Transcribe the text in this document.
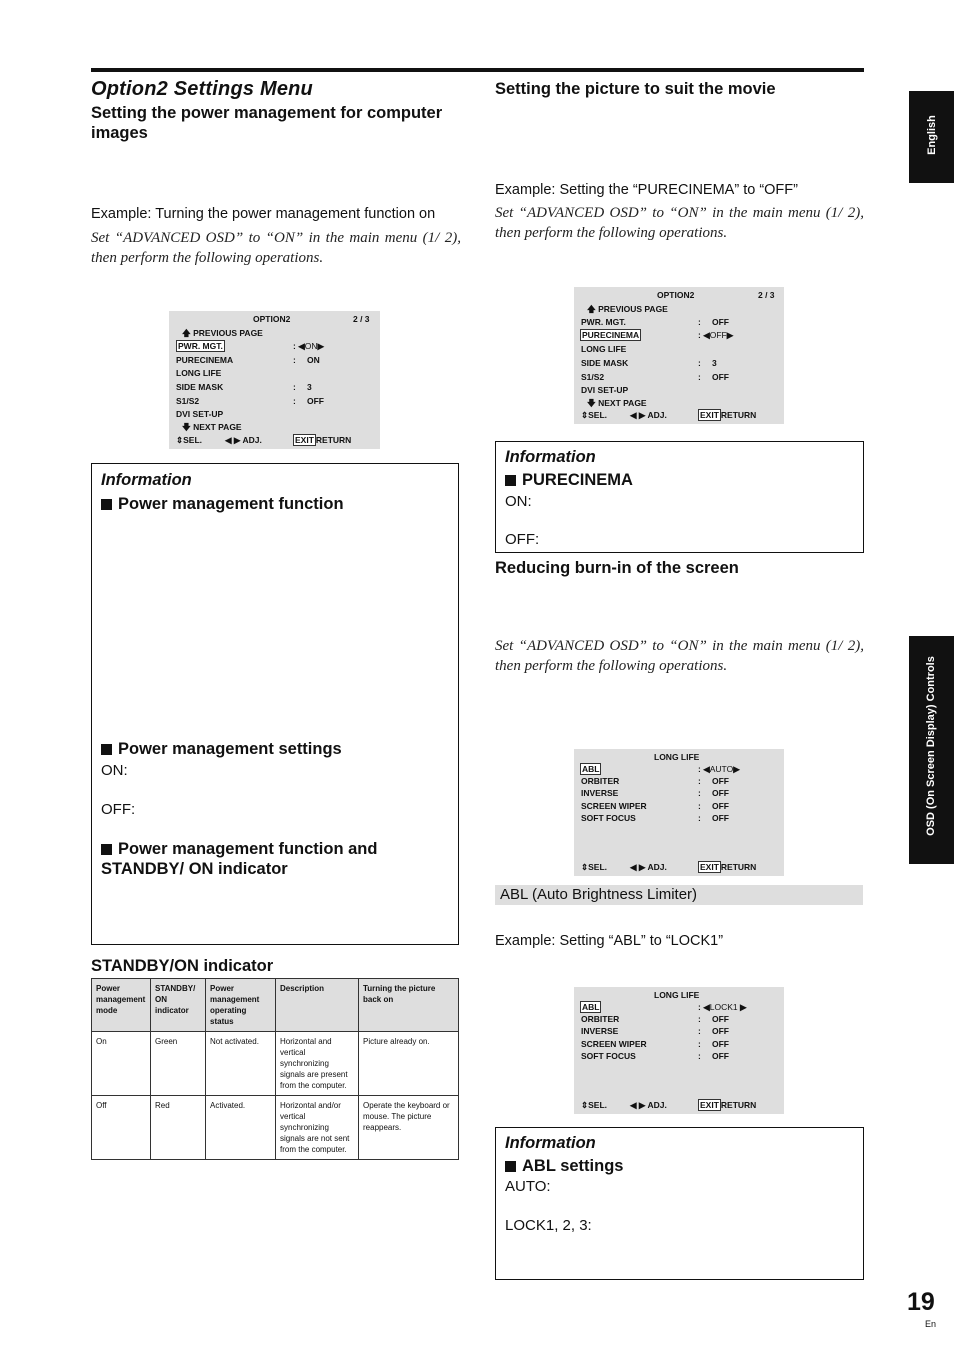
Option2 Settings Menu
English
OSD (On Screen Display) Controls
19
En
Setting the power management for computer images
Example: Turning the power management function on
Set “ADVANCED OSD” to “ON” in the main menu (1/ 2), then perform the following operations.
OPTION2	2 / 3
🡅 PREVIOUS PAGE
PWR. MGT.	: ◀ON▶
PURECINEMA	: ON
LONG LIFE
SIDE MASK	: 3
S1/S2	: OFF
DVI SET-UP
🡇 NEXT PAGE
⇕SEL.	◀ ▶ ADJ.	EXIT RETURN
Information
Power management function
Power management settings
ON:
OFF:
Power management function and STANDBY/ ON indicator
STANDBY/ON indicator
Power management mode	STANDBY/ ON indicator	Power management operating status	Description	Turning the picture back on
On	Green	Not activated.	Horizontal and vertical synchronizing signals are present from the computer.	Picture already on.
Off	Red	Activated.	Horizontal and/or vertical synchronizing signals are not sent from the computer.	Operate the keyboard or mouse. The picture reappears.
Setting the picture to suit the movie
Example: Setting the “PURECINEMA” to “OFF”
Set “ADVANCED OSD” to “ON” in the main menu (1/ 2), then perform the following operations.
OPTION2	2 / 3
🡅 PREVIOUS PAGE
PWR. MGT.	: OFF
PURECINEMA	: ◀OFF▶
LONG LIFE
SIDE MASK	: 3
S1/S2	: OFF
DVI SET-UP
🡇 NEXT PAGE
⇕SEL.	◀ ▶ ADJ.	EXIT RETURN
Information
PURECINEMA
ON:
OFF:
Reducing burn-in of the screen
Set “ADVANCED OSD” to “ON” in the main menu (1/ 2), then perform the following operations.
LONG LIFE
ABL	: ◀AUTO▶
ORBITER	: OFF
INVERSE	: OFF
SCREEN WIPER	: OFF
SOFT FOCUS	: OFF
⇕SEL.	◀ ▶ ADJ.	EXIT RETURN
ABL (Auto Brightness Limiter)
Example: Setting “ABL” to “LOCK1”
LONG LIFE
ABL	: ◀LOCK1 ▶
ORBITER	: OFF
INVERSE	: OFF
SCREEN WIPER	: OFF
SOFT FOCUS	: OFF
⇕SEL.	◀ ▶ ADJ.	EXIT RETURN
Information
ABL settings
AUTO:
LOCK1, 2, 3:
